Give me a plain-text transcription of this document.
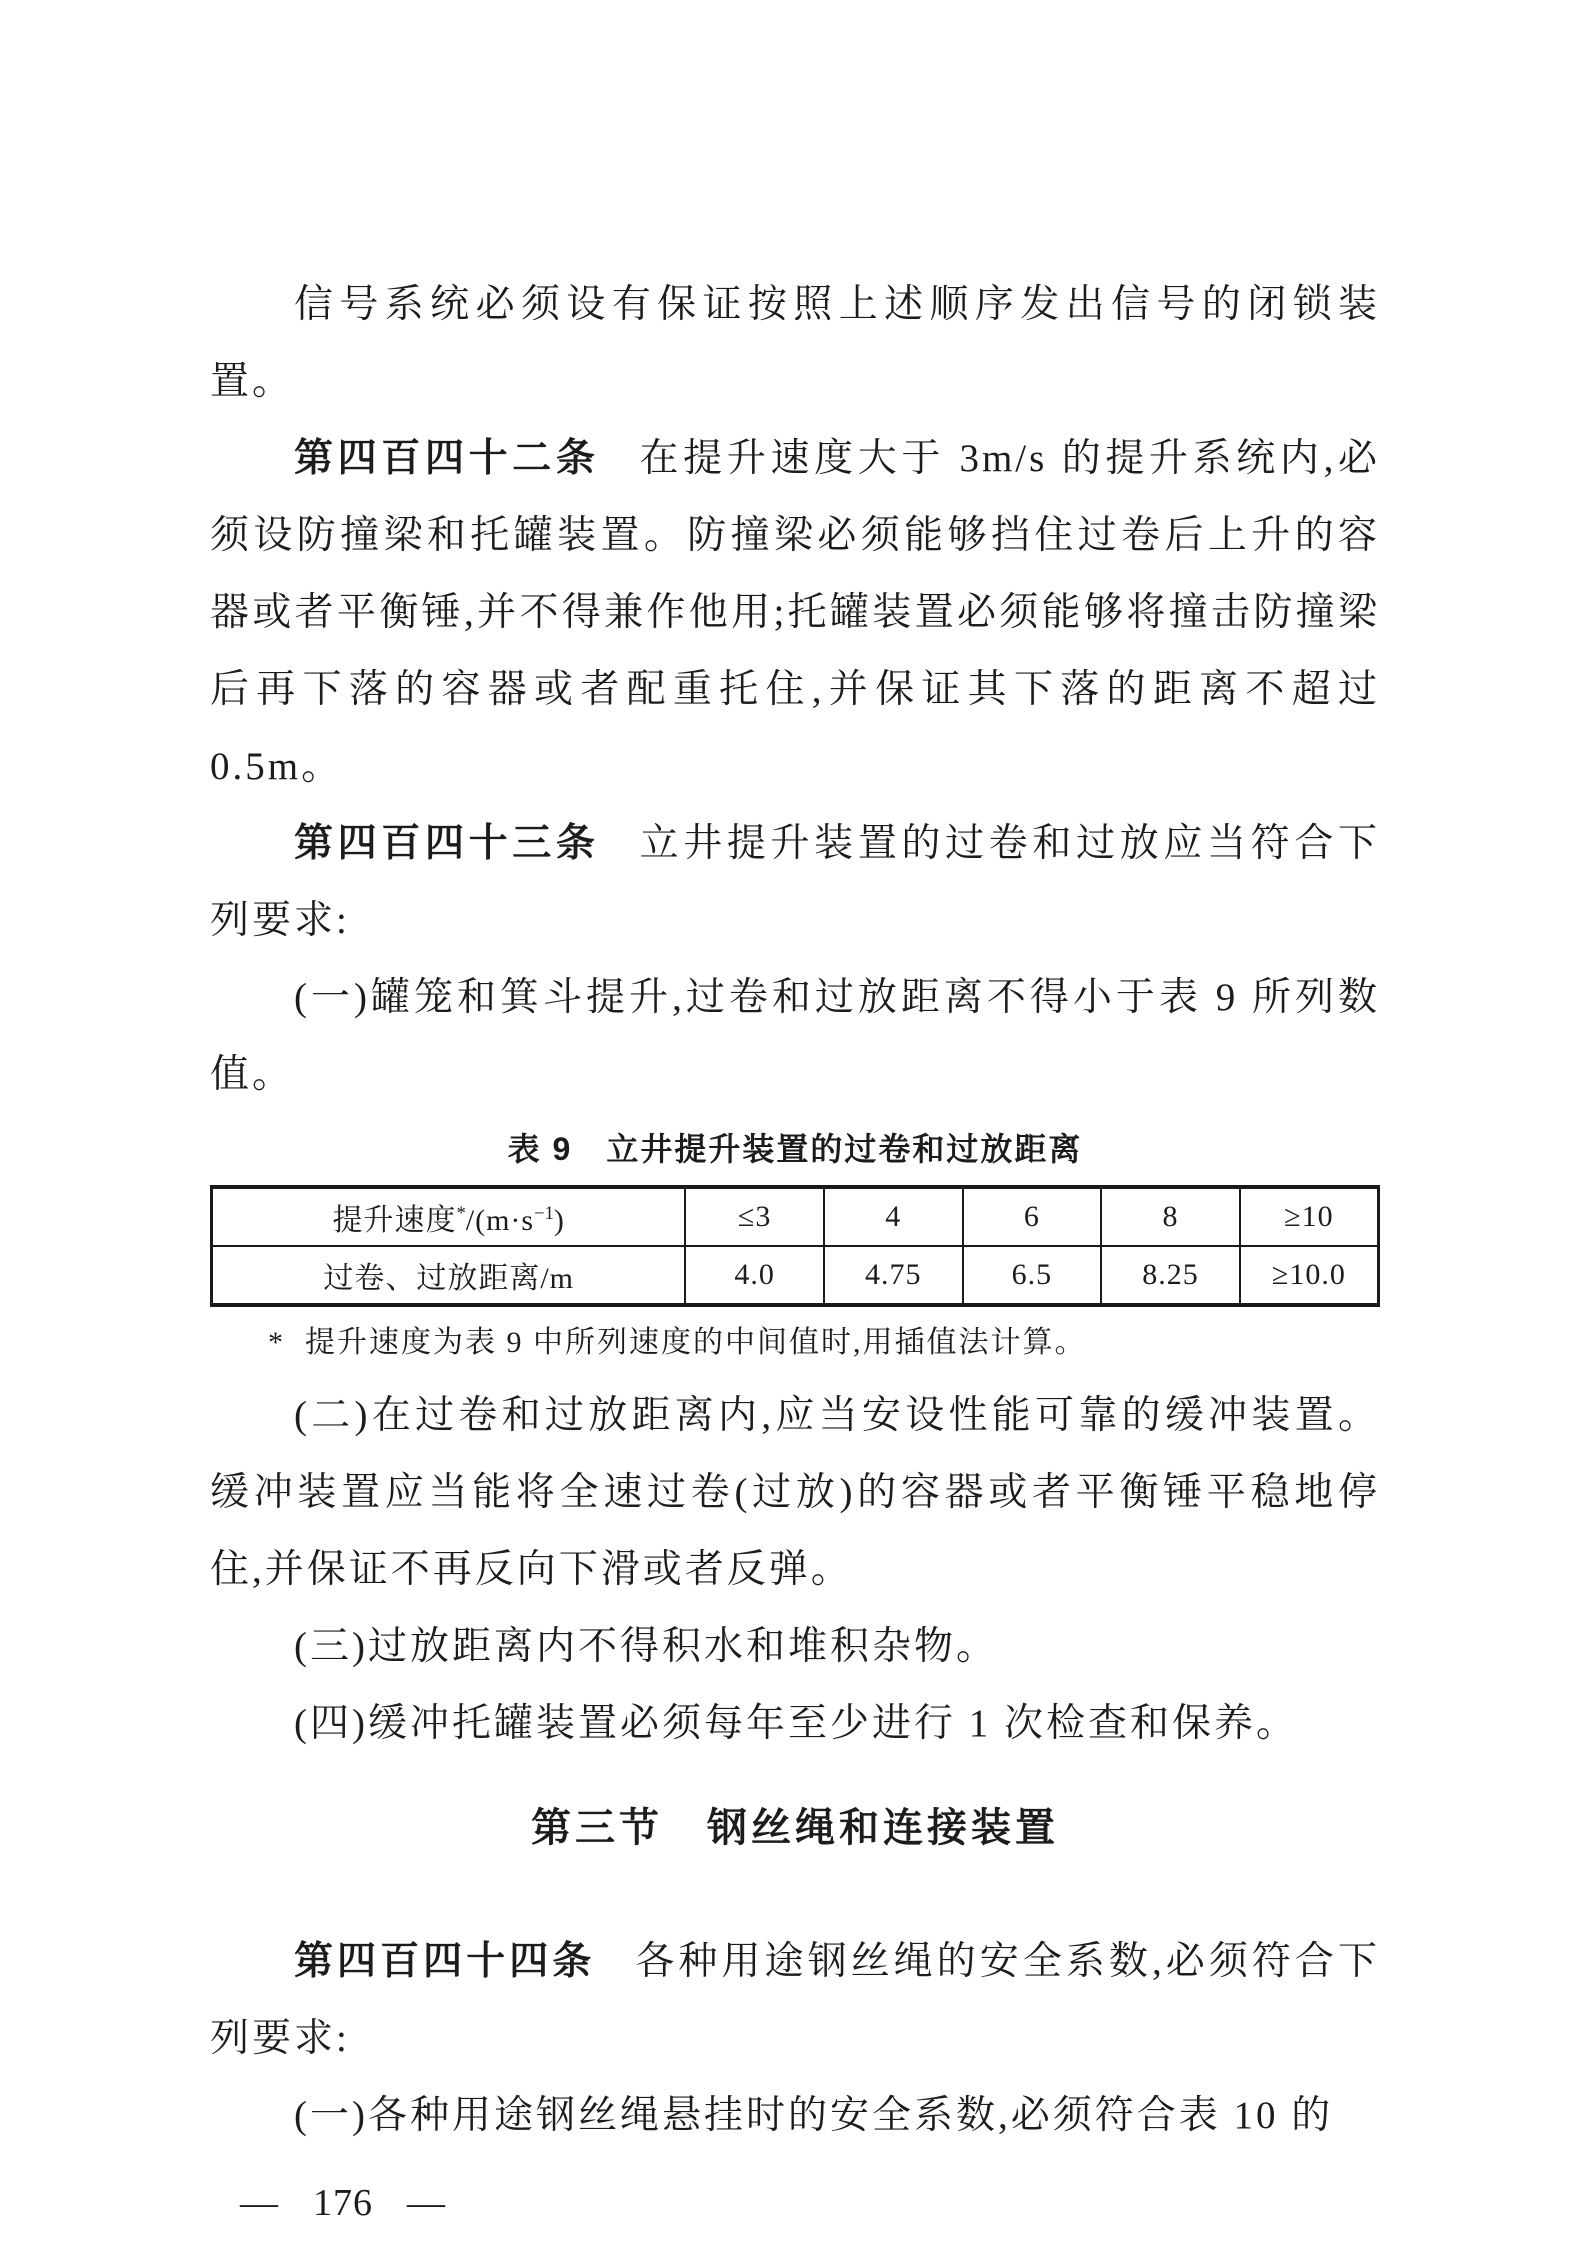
信号系统必须设有保证按照上述顺序发出信号的闭锁装置。

第四百四十二条 在提升速度大于 3m/s 的提升系统内,必须设防撞梁和托罐装置。防撞梁必须能够挡住过卷后上升的容器或者平衡锤,并不得兼作他用;托罐装置必须能够将撞击防撞梁后再下落的容器或者配重托住,并保证其下落的距离不超过 0.5m。

第四百四十三条 立井提升装置的过卷和过放应当符合下列要求:

(一)罐笼和箕斗提升,过卷和过放距离不得小于表 9 所列数值。

表 9　立井提升装置的过卷和过放距离
提升速度$^*/(m\cdot s^{-1})$	≤3	4	6	8	≥10
过卷、过放距离/m	4.0	4.75	6.5	8.25	≥10.0

* 提升速度为表 9 中所列速度的中间值时,用插值法计算。

(二)在过卷和过放距离内,应当安设性能可靠的缓冲装置。缓冲装置应当能将全速过卷(过放)的容器或者平衡锤平稳地停住,并保证不再反向下滑或者反弹。

(三)过放距离内不得积水和堆积杂物。

(四)缓冲托罐装置必须每年至少进行 1 次检查和保养。

第三节　钢丝绳和连接装置

第四百四十四条 各种用途钢丝绳的安全系数,必须符合下列要求:

(一)各种用途钢丝绳悬挂时的安全系数,必须符合表 10 的

— 176 —
